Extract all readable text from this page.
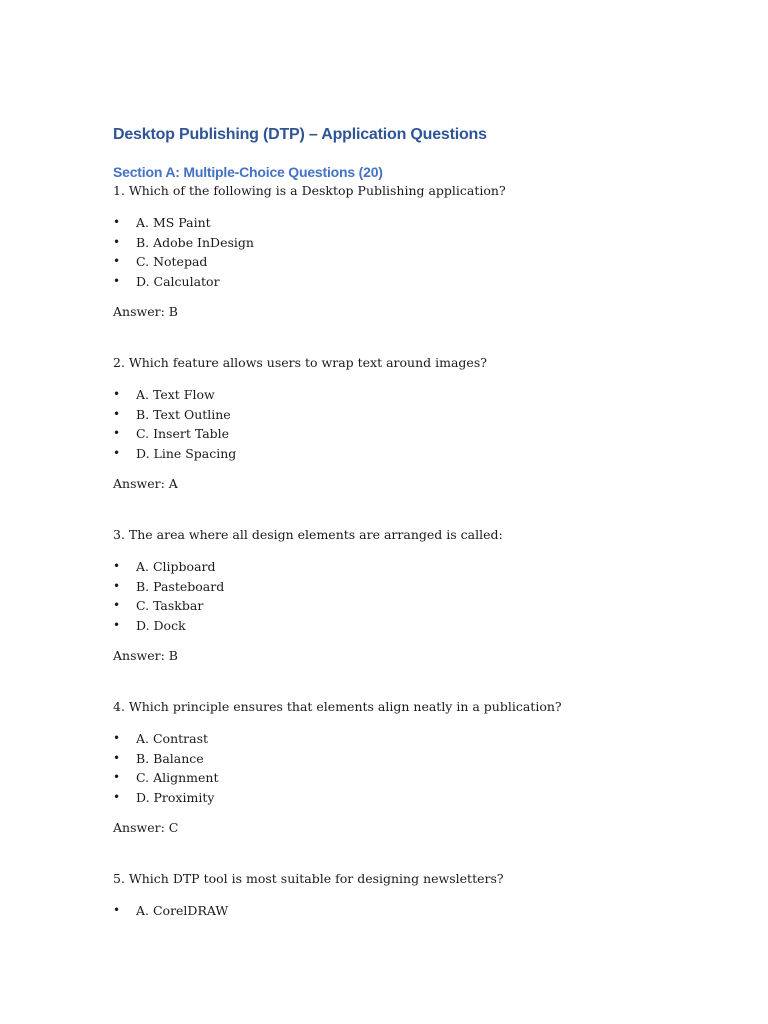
Desktop Publishing (DTP) – Application Questions
Section A: Multiple-Choice Questions (20)

1. Which of the following is a Desktop Publishing application?

• A. MS Paint
• B. Adobe InDesign
• C. Notepad
• D. Calculator

Answer: B

2. Which feature allows users to wrap text around images?

• A. Text Flow
• B. Text Outline
• C. Insert Table
• D. Line Spacing

Answer: A

3. The area where all design elements are arranged is called:

• A. Clipboard
• B. Pasteboard
• C. Taskbar
• D. Dock

Answer: B

4. Which principle ensures that elements align neatly in a publication?

• A. Contrast
• B. Balance
• C. Alignment
• D. Proximity

Answer: C

5. Which DTP tool is most suitable for designing newsletters?

• A. CorelDRAW
